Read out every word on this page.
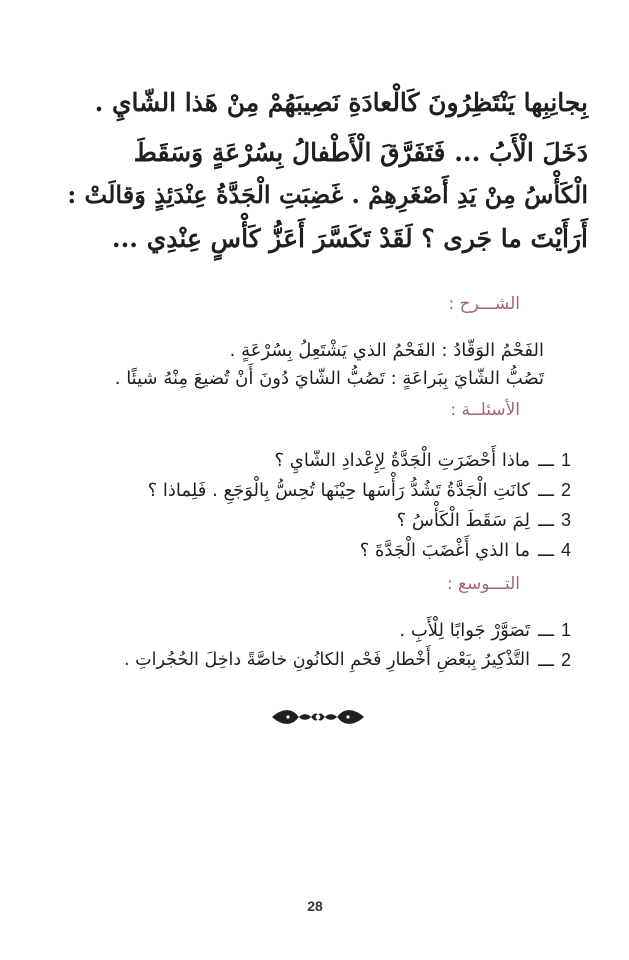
بِجانِبِها يَنْتَظِرُونَ كَالْعادَةِ نَصِيبَهُمْ مِنْ هَذا الشّايِ .
دَخَلَ الْأَبُ ... فَتَفَرَّقَ الْأَطْفالُ بِسُرْعَةٍ وَسَقَطَ
الْكَأْسُ مِنْ يَدِ أَصْغَرِهِمْ . غَضِبَتِ الْجَدَّةُ عِنْدَئِذٍ وَقالَتْ :
أَرَأَيْتَ ما جَرى ؟ لَقَدْ تَكَسَّرَ أَعَزُّ كَأْسٍ عِنْدِي ...
الشـــرح :
الفَحْمُ الوَقّادُ : الفَحْمُ الذي يَشْتَعِلُ بِسُرْعَةٍ .
تَصُبُّ الشّايَ بِبَراعَةٍ : تَصُبُّ الشّايَ دُونَ أَنْ تُضيعَ مِنْهُ شيئًا .
الأسئلــة :
1
ـــ
ماذا أَحْضَرَتِ الْجَدَّةُ لِإِعْدادِ الشّايِ ؟
2
ـــ
كانَتِ الْجَدَّةُ تَشُدُّ رَأْسَها حِيْنَها تُحِسُّ بِالْوَجَعِ . فَلِماذا ؟
3
ـــ
لِمَ سَقَطَ الْكَأْسُ ؟
4
ـــ
ما الذي أَغْضَبَ الْجَدَّةَ ؟
التـــوسع :
1
ـــ
تَصَوَّرْ جَوابًا لِلْأَبِ .
2
ـــ
التَّذْكِيرُ بِبَعْضِ أَخْطارِ فَحْمِ الكانُونِ خاصَّةً داخِلَ الحُجُراتِ .
28
